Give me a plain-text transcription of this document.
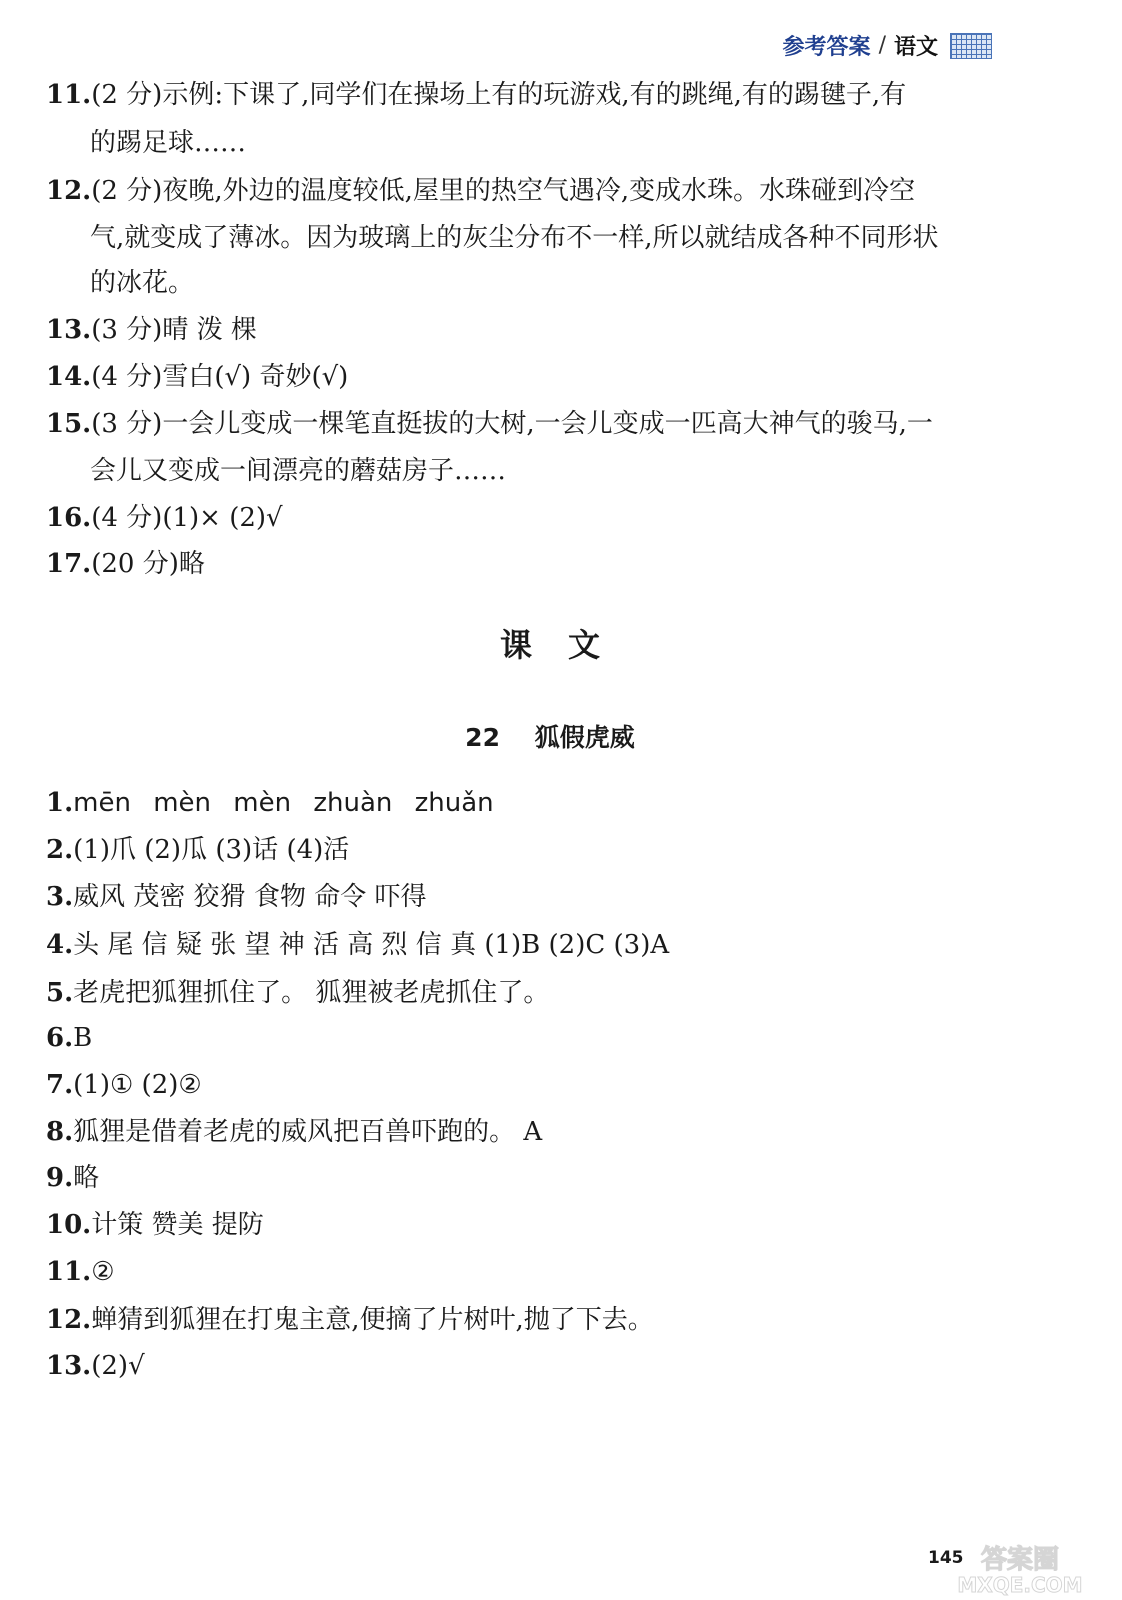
参考答案 / 语文
11.(2 分)示例:下课了,同学们在操场上有的玩游戏,有的跳绳,有的踢毽子,有
的踢足球……
12.(2 分)夜晚,外边的温度较低,屋里的热空气遇冷,变成水珠。水珠碰到冷空
气,就变成了薄冰。因为玻璃上的灰尘分布不一样,所以就结成各种不同形状
的冰花。
13.(3 分)晴 泼 棵
14.(4 分)雪白(√) 奇妙(√)
15.(3 分)一会儿变成一棵笔直挺拔的大树,一会儿变成一匹高大神气的骏马,一
会儿又变成一间漂亮的蘑菇房子……
16.(4 分)(1)× (2)√
17.(20 分)略
课文
22 狐假虎威
1.mēn mèn mèn zhuàn zhuǎn
2.(1)爪 (2)瓜 (3)话 (4)活
3.威风 茂密 狡猾 食物 命令 吓得
4.头 尾 信 疑 张 望 神 活 高 烈 信 真 (1)B (2)C (3)A
5.老虎把狐狸抓住了。 狐狸被老虎抓住了。
6.B
7.(1)① (2)②
8.狐狸是借着老虎的威风把百兽吓跑的。 A
9.略
10.计策 赞美 提防
11.②
12.蝉猜到狐狸在打鬼主意,便摘了片树叶,抛了下去。
13.(2)√
145 答案圈
MXQE.COM
